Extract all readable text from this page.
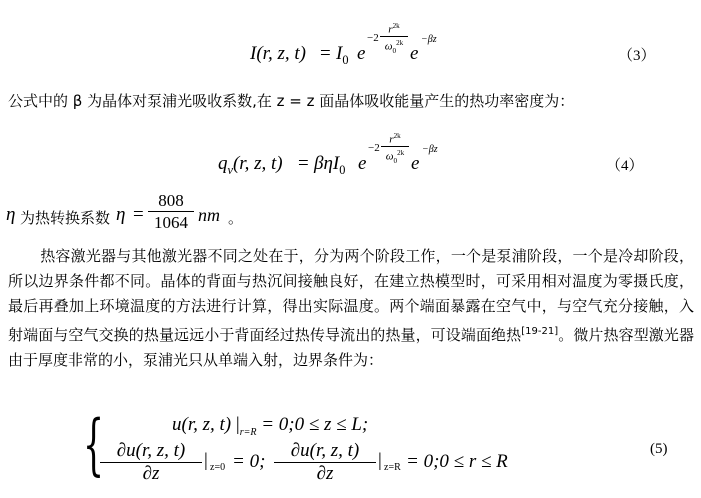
I(r, z, $t) = I_0$ e
−2
$r^{2k}$
$\omega_0^{2k}$
e
−βz
（3）
公式中的 β 为晶体对泵浦光吸收系数,在 z = z 面晶体吸收能量产生的热功率密度为：
$q_v(r$, z, t) = βηI$_0$ e
−2
$r^{2k}$
$\omega_0^{2k}$
e
−βz
（4）
η 为热转换系数 $\eta = \frac{808}{1064}$ nm 。
热容激光器与其他激光器不同之处在于，分为两个阶段工作，一个是泵浦阶段，一个是冷却阶段，所以边界条件都不同。晶体的背面与热沉间接触良好，在建立热模型时，可采用相对温度为零摄氏度，最后再叠加上环境温度的方法进行计算，得出实际温度。两个端面暴露在空气中，与空气充分接触，入射端面与空气交换的热量远远小于背面经过热传导流出的热量，可设端面绝热[19-21]。微片热容型激光器由于厚度非常的小，泵浦光只从单端入射，边界条件为：
{	u(r, z, t) $|_{r=R}$ = 0;0 ≤ z ≤ L;
∂u(r, z, t)
∂z
| z=0 = 0;
∂u(r, z, t)
∂z
| z=R = 0;0 ≤ r ≤ R
(5)
